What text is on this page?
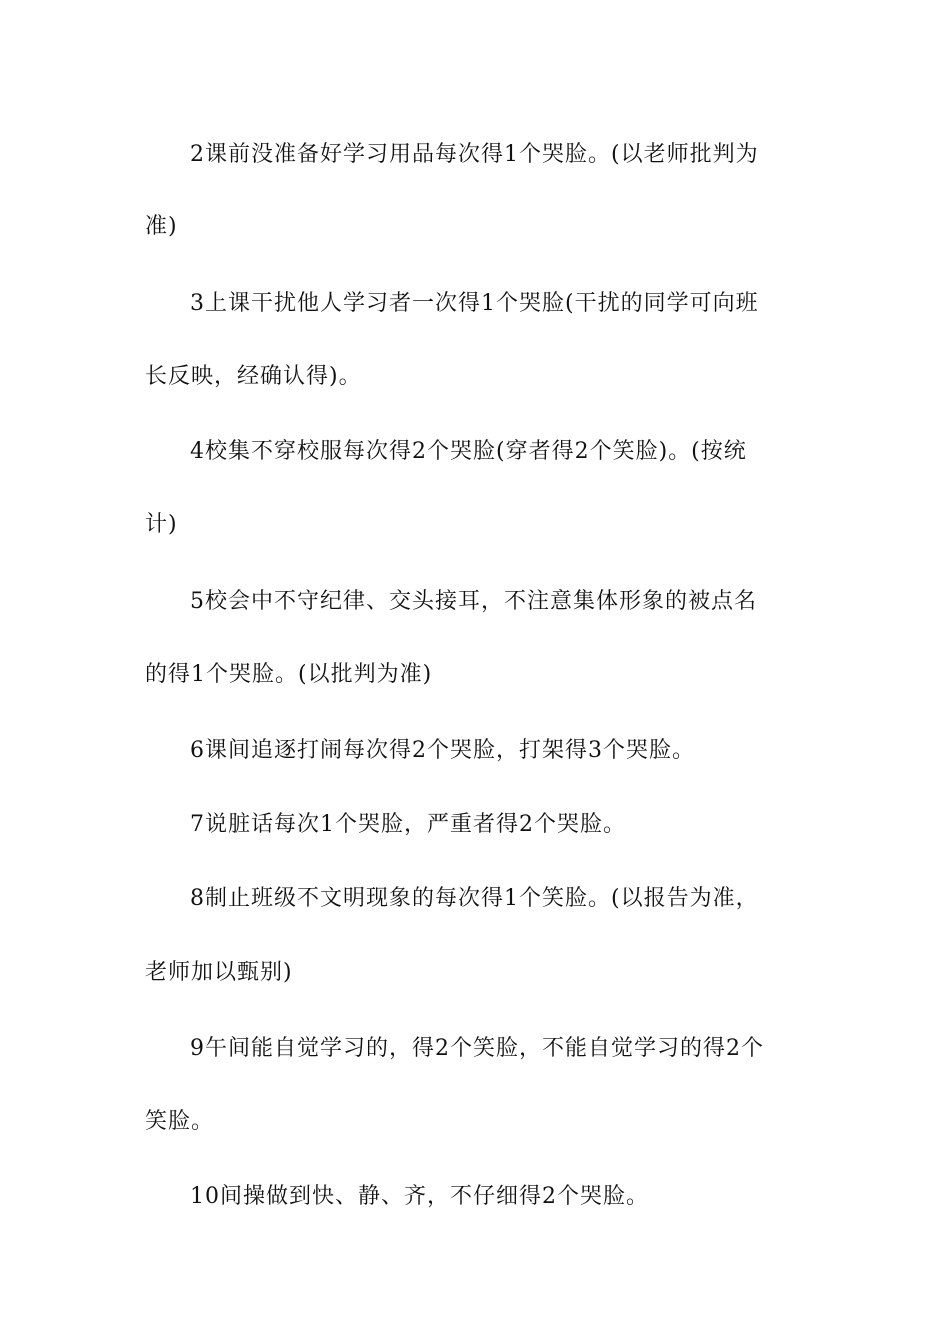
2课前没准备好学习用品每次得1个哭脸。(以老师批判为
准)
3上课干扰他人学习者一次得1个哭脸(干扰的同学可向班
长反映，经确认得)。
4校集不穿校服每次得2个哭脸(穿者得2个笑脸)。(按统
计)
5校会中不守纪律、交头接耳，不注意集体形象的被点名
的得1个哭脸。(以批判为准)
6课间追逐打闹每次得2个哭脸，打架得3个哭脸。
7说脏话每次1个哭脸，严重者得2个哭脸。
8制止班级不文明现象的每次得1个笑脸。(以报告为准，
老师加以甄别)
9午间能自觉学习的，得2个笑脸，不能自觉学习的得2个
笑脸。
10间操做到快、静、齐，不仔细得2个哭脸。
